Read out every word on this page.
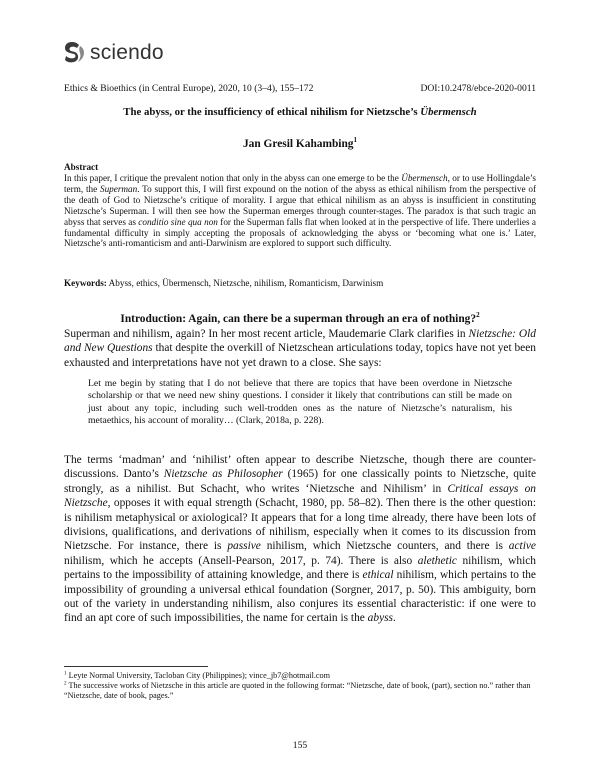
sciendo
Ethics & Bioethics (in Central Europe), 2020, 10 (3–4), 155–172	DOI:10.2478/ebce-2020-0011
The abyss, or the insufficiency of ethical nihilism for Nietzsche’s Übermensch
Jan Gresil Kahambing$^1$
Abstract

In this paper, I critique the prevalent notion that only in the abyss can one emerge to be the Übermensch, or to use Hollingdale’s term, the Superman. To support this, I will first expound on the notion of the abyss as ethical nihilism from the perspective of the death of God to Nietzsche’s critique of morality. I argue that ethical nihilism as an abyss is insufficient in constituting Nietzsche’s Superman. I will then see how the Superman emerges through counter-stages. The paradox is that such tragic an abyss that serves as conditio sine qua non for the Superman falls flat when looked at in the perspective of life. There underlies a fundamental difficulty in simply accepting the proposals of acknowledging the abyss or ‘becoming what one is.’ Later, Nietzsche’s anti-romanticism and anti-Darwinism are explored to support such difficulty.

Keywords: Abyss, ethics, Übermensch, Nietzsche, nihilism, Romanticism, Darwinism

Introduction: Again, can there be a superman through an era of nothing?$^2$

Superman and nihilism, again? In her most recent article, Maudemarie Clark clarifies in Nietzsche: Old and New Questions that despite the overkill of Nietzschean articulations today, topics have not yet been exhausted and interpretations have not yet drawn to a close. She says:

Let me begin by stating that I do not believe that there are topics that have been overdone in Nietzsche scholarship or that we need new shiny questions. I consider it likely that contributions can still be made on just about any topic, including such well-trodden ones as the nature of Nietzsche’s naturalism, his metaethics, his account of morality… (Clark, 2018a, p. 228).

The terms ‘madman’ and ‘nihilist’ often appear to describe Nietzsche, though there are counter-discussions. Danto’s Nietzsche as Philosopher (1965) for one classically points to Nietzsche, quite strongly, as a nihilist. But Schacht, who writes ‘Nietzsche and Nihilism’ in Critical essays on Nietzsche, opposes it with equal strength (Schacht, 1980, pp. 58–82). Then there is the other question: is nihilism metaphysical or axiological? It appears that for a long time already, there have been lots of divisions, qualifications, and derivations of nihilism, especially when it comes to its discussion from Nietzsche. For instance, there is passive nihilism, which Nietzsche counters, and there is active nihilism, which he accepts (Ansell-Pearson, 2017, p. 74). There is also alethetic nihilism, which pertains to the impossibility of attaining knowledge, and there is ethical nihilism, which pertains to the impossibility of grounding a universal ethical foundation (Sorgner, 2017, p. 50). This ambiguity, born out of the variety in understanding nihilism, also conjures its essential characteristic: if one were to find an apt core of such impossibilities, the name for certain is the abyss.

$^1$ Leyte Normal University, Tacloban City (Philippines); vince_jb7@hotmail.com

$^2$ The successive works of Nietzsche in this article are quoted in the following format: “Nietzsche, date of book, (part), section no.” rather than “Nietzsche, date of book, pages.”

155
